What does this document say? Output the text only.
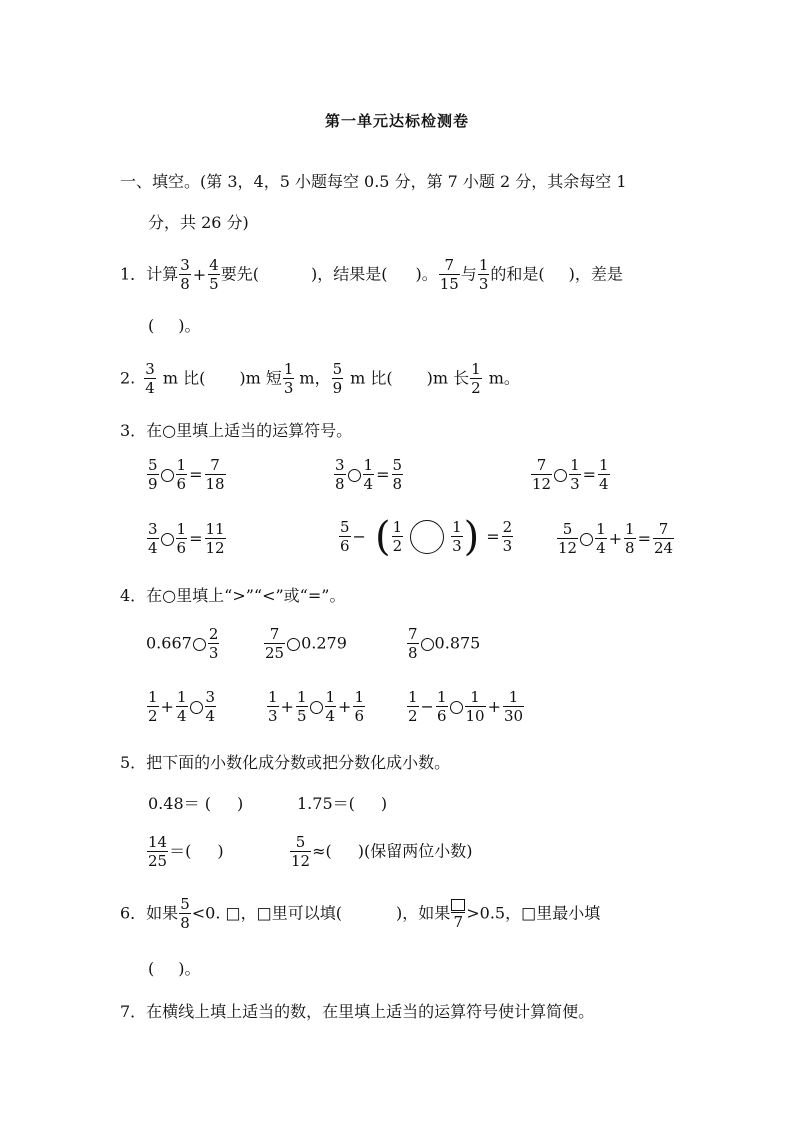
第一单元达标检测卷
一、填空。(第 3，4，5 小题每空 0.5 分，第 7 小题 2 分，其余每空 1
分，共 26 分)
1．计算 $\frac{3}{8} + \frac{4}{5}$ 要先(	)，结果是( )。 $\frac{7}{15}$ 与 $\frac{1}{3}$ 的和是( )，差是
( )。
2. $\frac{3}{4}$ m 比( )m 短 $\frac{1}{3}$ m， $\frac{5}{9}$ m 比( )m 长 $\frac{1}{2}$ m。
3．在○里填上适当的运算符号。
$\frac{5}{9} \frac{1}{6} = \frac{7}{18}$	$\frac{3}{8} \frac{1}{4} = \frac{5}{8}$	$\frac{7}{12} \frac{1}{3} = \frac{1}{4}$
$\frac{3}{4} \frac{1}{6} = \frac{11}{12}$	$\frac{5}{6}$ − ( $\frac{1}{2}$	$\frac{1}{3}$ ) = $\frac{2}{3}$	$\frac{5}{12} \frac{1}{4} + \frac{1}{8} = \frac{7}{24}$
4．在○里填上“>”“<”或“=”。
$0.667 \frac{2}{3}$	$\frac{7}{25} 0.279$	$\frac{7}{8} 0.875$
$\frac{1}{2} + \frac{1}{4} \frac{3}{4}$	$\frac{1}{3} + \frac{1}{5} \frac{1}{4} + \frac{1}{6}$	$\frac{1}{2} - \frac{1}{6} \frac{1}{10} + \frac{1}{30}$
5．把下面的小数化成分数或把分数化成小数。
0.48＝ ( )	1.75＝( )
$\frac{14}{25}$ ＝( )	$\frac{5}{12}$ ≈( )(保留两位小数)
6．如果 $\frac{5}{8} <0$. □，□里可以填(	)，如果 7 >0.5，□里最小填
( )。
7．在横线上填上适当的数，在里填上适当的运算符号使计算简便。
